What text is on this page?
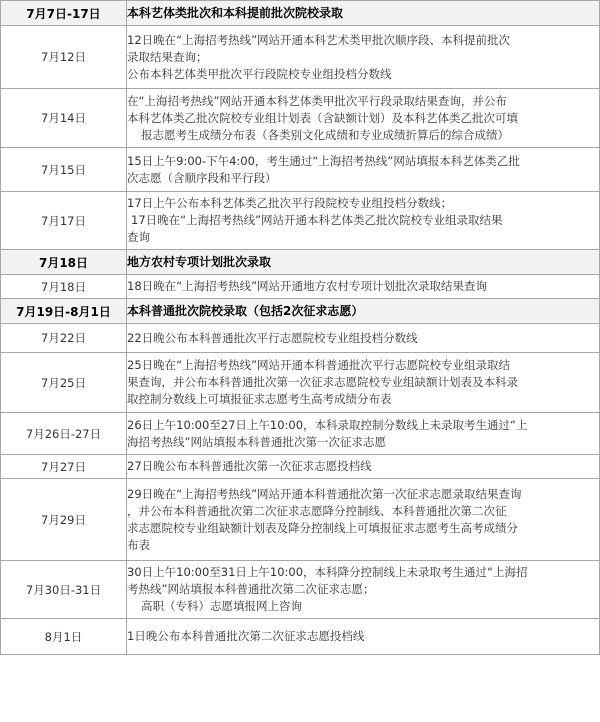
7月7日-17日	本科艺体类批次和本科提前批次院校录取

7月12日	12日晚在“上海招考热线”网站开通本科艺术类甲批次顺序段、本科提前批次
录取结果查询；
公布本科艺体类甲批次平行段院校专业组投档分数线

7月14日	在“上海招考热线”网站开通本科艺体类甲批次平行段录取结果查询，并公布
本科艺体类乙批次院校专业组计划表（含缺额计划）及本科艺体类乙批次可填
报志愿考生成绩分布表（各类别文化成绩和专业成绩折算后的综合成绩）

7月15日	15日上午9:00-下午4:00，考生通过“上海招考热线”网站填报本科艺体类乙批
次志愿（含顺序段和平行段）

7月17日	17日上午公布本科艺体类乙批次平行段院校专业组投档分数线；
17日晚在“上海招考热线”网站开通本科艺体类乙批次院校专业组录取结果
查询

7月18日	地方农村专项计划批次录取

7月18日	18日晚在“上海招考热线”网站开通地方农村专项计划批次录取结果查询

7月19日-8月1日	本科普通批次院校录取（包括2次征求志愿）

7月22日	22日晚公布本科普通批次平行志愿院校专业组投档分数线

7月25日	25日晚在“上海招考热线”网站开通本科普通批次平行志愿院校专业组录取结
果查询，并公布本科普通批次第一次征求志愿院校专业组缺额计划表及本科录
取控制分数线上可填报征求志愿考生高考成绩分布表

7月26日-27日	26日上午10:00至27日上午10:00，本科录取控制分数线上未录取考生通过“上
海招考热线”网站填报本科普通批次第一次征求志愿

7月27日	27日晚公布本科普通批次第一次征求志愿投档线

7月29日	29日晚在“上海招考热线”网站开通本科普通批次第一次征求志愿录取结果查询
，并公布本科普通批次第二次征求志愿降分控制线、本科普通批次第二次征
求志愿院校专业组缺额计划表及降分控制线上可填报征求志愿考生高考成绩分
布表

7月30日-31日	30日上午10:00至31日上午10:00，本科降分控制线上未录取考生通过“上海招
考热线”网站填报本科普通批次第二次征求志愿；
高职（专科）志愿填报网上咨询

8月1日	1日晚公布本科普通批次第二次征求志愿投档线
